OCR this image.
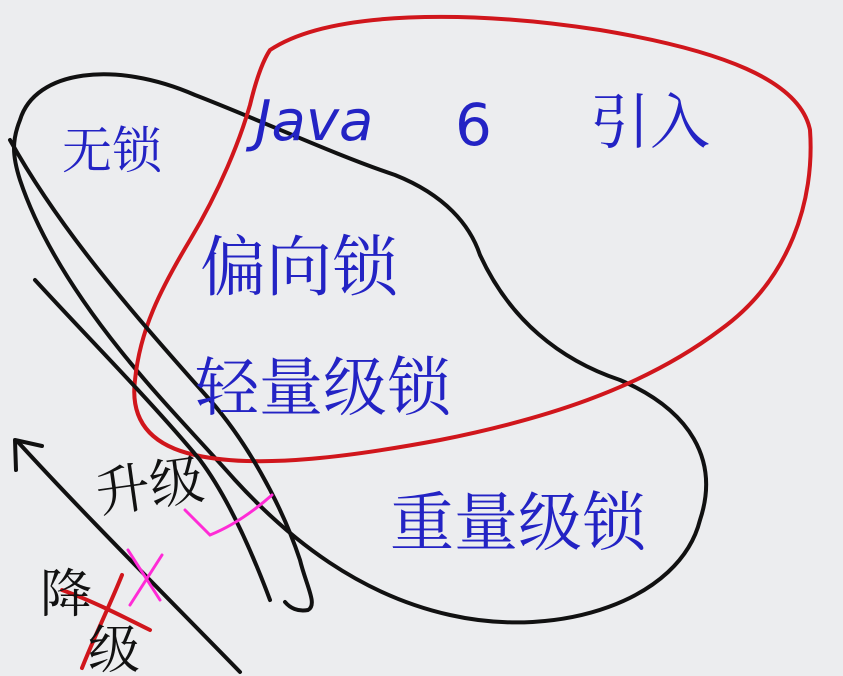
Java 6 引入
无锁
偏向锁
轻量级锁
重量级锁
升级
降
级
